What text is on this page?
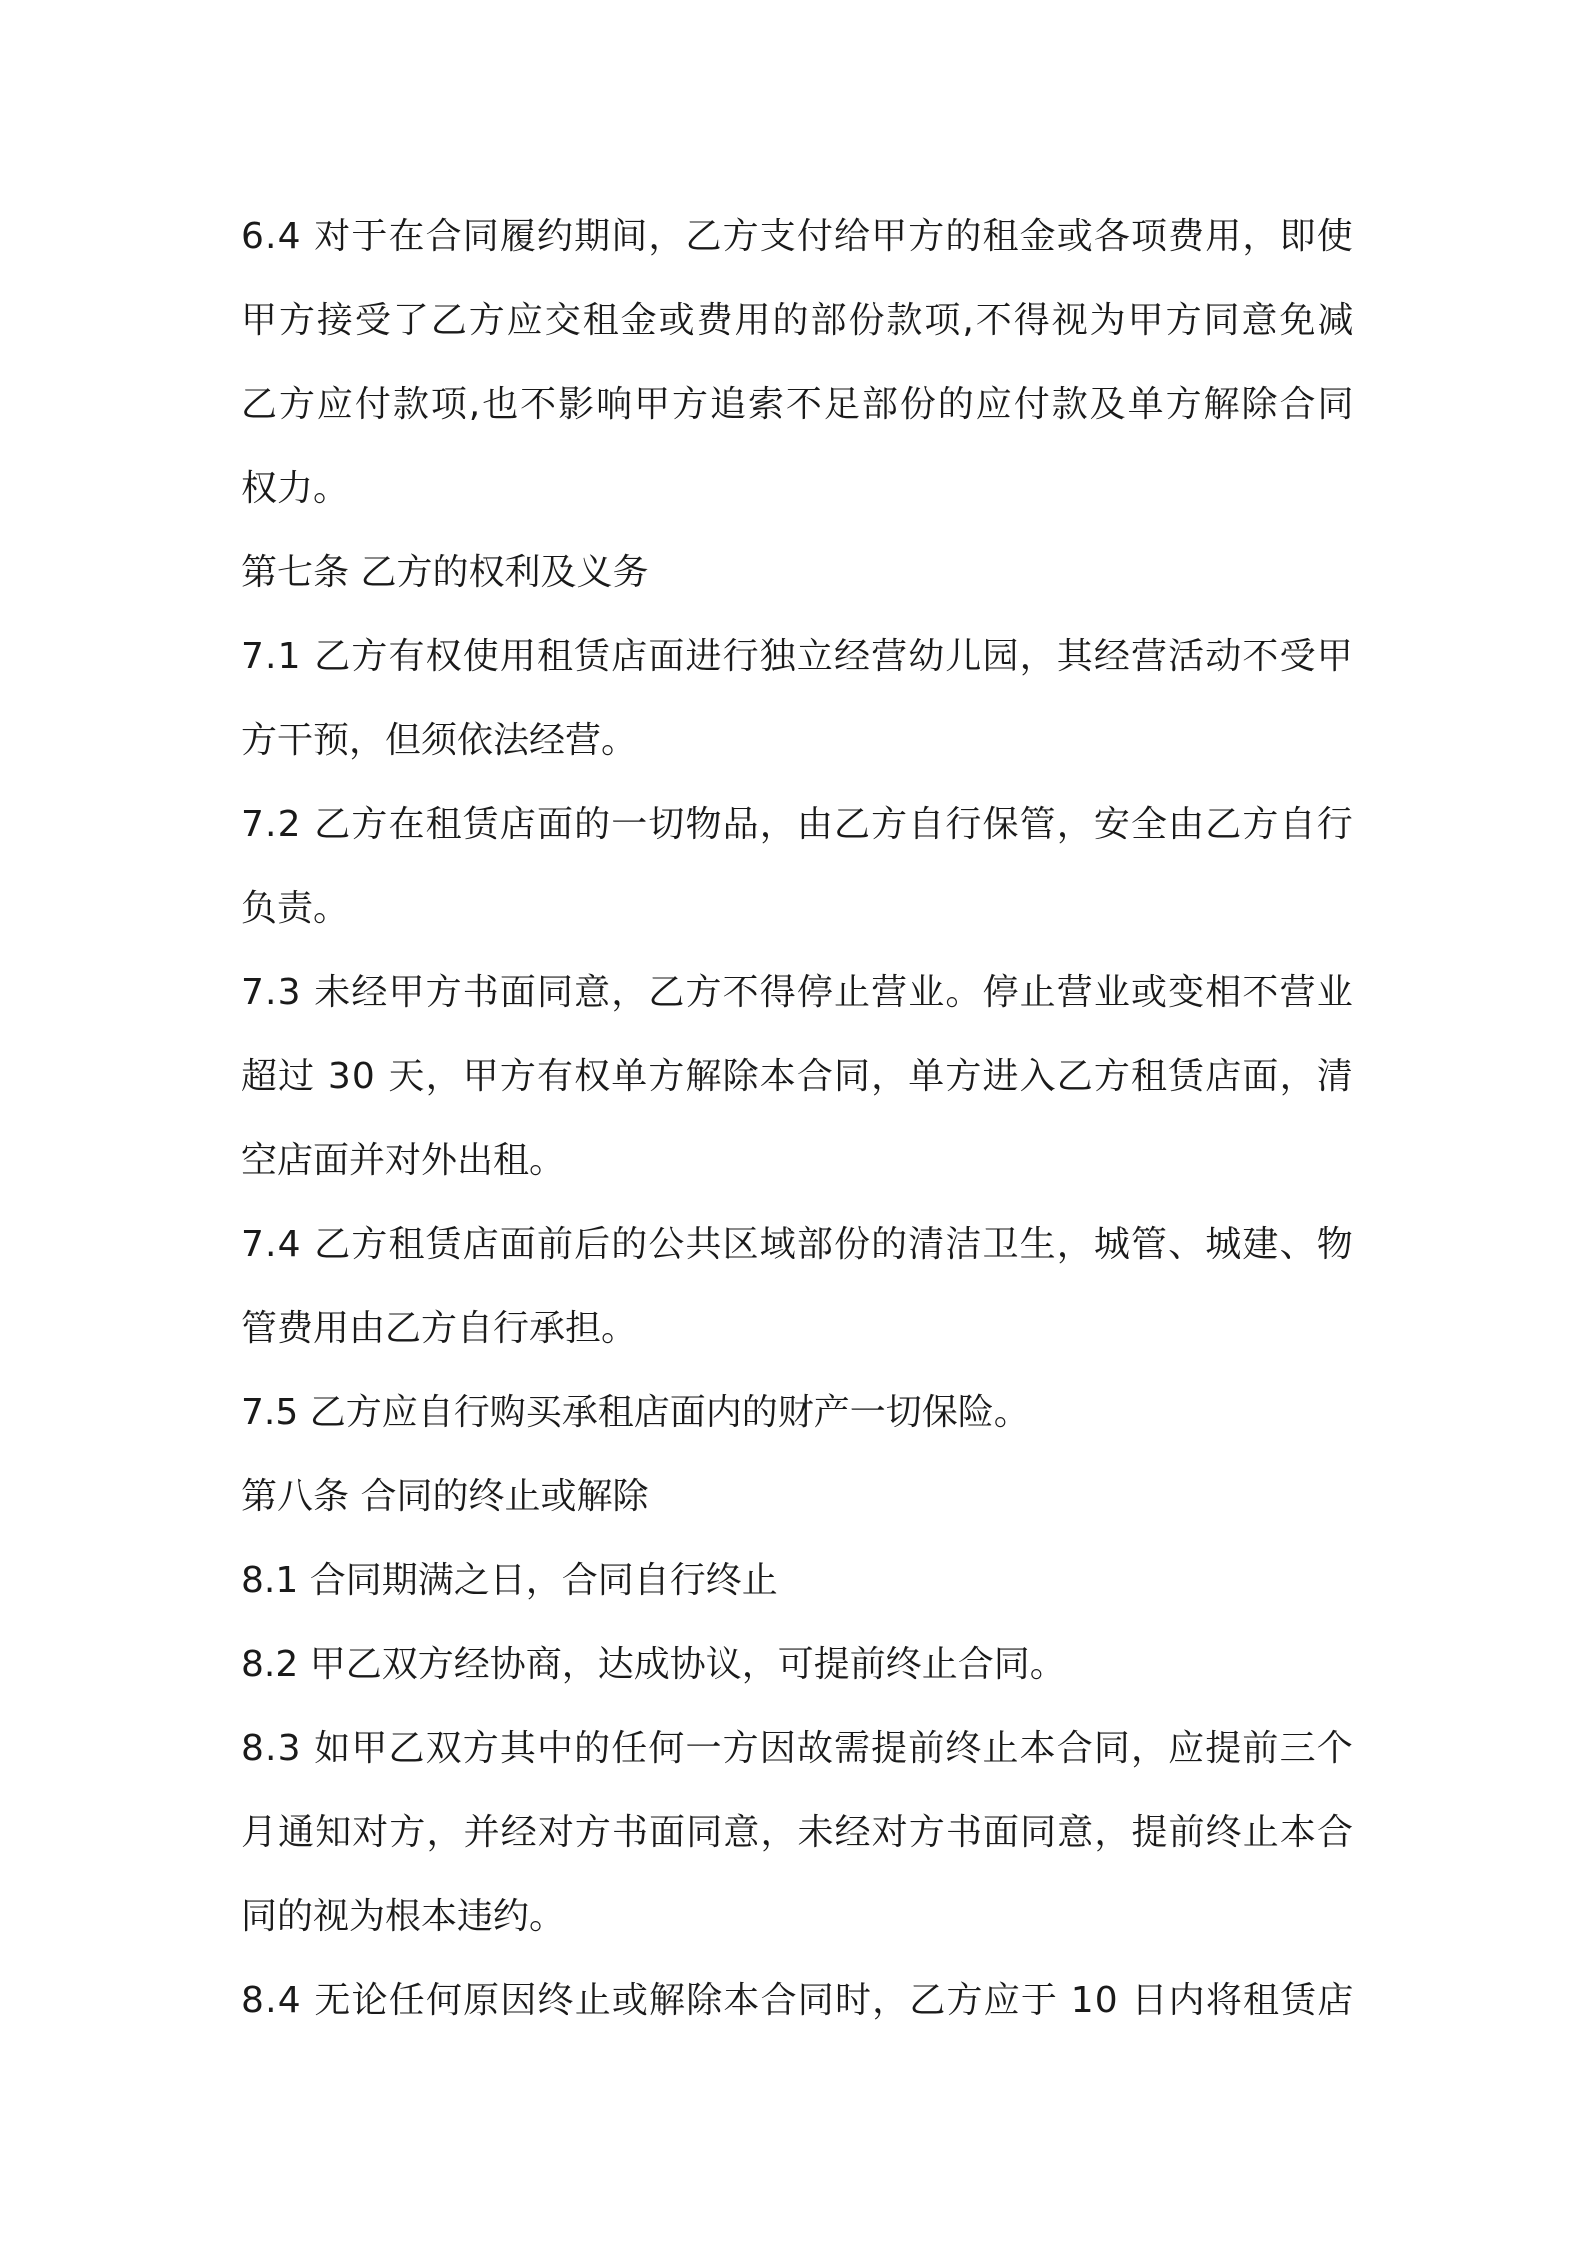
6.4 对于在合同履约期间，乙方支付给甲方的租金或各项费用，即使
甲方接受了乙方应交租金或费用的部份款项,不得视为甲方同意免减
乙方应付款项,也不影响甲方追索不足部份的应付款及单方解除合同
权力。
第七条 乙方的权利及义务
7.1 乙方有权使用租赁店面进行独立经营幼儿园，其经营活动不受甲
方干预，但须依法经营。
7.2 乙方在租赁店面的一切物品，由乙方自行保管，安全由乙方自行
负责。
7.3 未经甲方书面同意，乙方不得停止营业。停止营业或变相不营业
超过 30 天，甲方有权单方解除本合同，单方进入乙方租赁店面，清
空店面并对外出租。
7.4 乙方租赁店面前后的公共区域部份的清洁卫生，城管、城建、物
管费用由乙方自行承担。
7.5 乙方应自行购买承租店面内的财产一切保险。
第八条 合同的终止或解除
8.1 合同期满之日，合同自行终止
8.2 甲乙双方经协商，达成协议，可提前终止合同。
8.3 如甲乙双方其中的任何一方因故需提前终止本合同，应提前三个
月通知对方，并经对方书面同意，未经对方书面同意，提前终止本合
同的视为根本违约。
8.4 无论任何原因终止或解除本合同时，乙方应于 10 日内将租赁店
